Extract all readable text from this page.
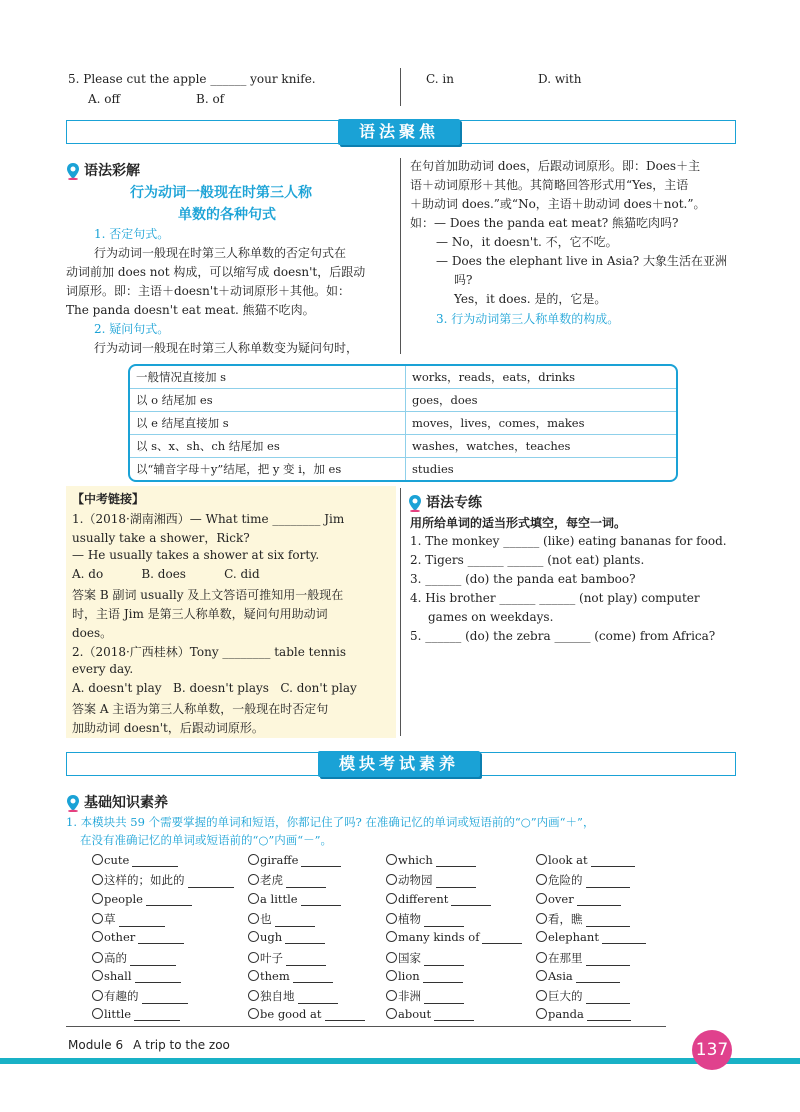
5. Please cut the apple ______ your knife.
A. off	B. of
C. in	D. with
语法聚焦
语法彩解
行为动词一般现在时第三人称
单数的各种句式
1. 否定句式。
行为动词一般现在时第三人称单数的否定句式在
动词前加 does not 构成，可以缩写成 doesn't，后跟动
词原形。即：主语＋doesn't＋动词原形＋其他。如：
The panda doesn't eat meat. 熊猫不吃肉。
2. 疑问句式。
行为动词一般现在时第三人称单数变为疑问句时，
在句首加助动词 does，后跟动词原形。即：Does＋主
语＋动词原形＋其他。其简略回答形式用“Yes，主语
＋助动词 does.”或“No，主语＋助动词 does＋not.”。
如：— Does the panda eat meat? 熊猫吃肉吗?
— No，it doesn't. 不，它不吃。
— Does the elephant live in Asia? 大象生活在亚洲
吗?
Yes，it does. 是的，它是。
3. 行为动词第三人称单数的构成。
一般情况直接加 s	works，reads，eats，drinks
以 o 结尾加 es	goes，does
以 e 结尾直接加 s	moves，lives，comes，makes
以 s、x、sh、ch 结尾加 es	washes，watches，teaches
以“辅音字母＋y”结尾，把 y 变 i，加 es	studies
【中考链接】
1.（2018·湖南湘西）— What time ________ Jim
usually take a shower，Rick?
— He usually takes a shower at six forty.
A. do          B. does          C. did
答案 B 副词 usually 及上文答语可推知用一般现在
时，主语 Jim 是第三人称单数，疑问句用助动词
does。
2.（2018·广西桂林）Tony ________ table tennis
every day.
A. doesn't play   B. doesn't plays   C. don't play
答案 A 主语为第三人称单数，一般现在时否定句
加助动词 doesn't，后跟动词原形。
语法专练
用所给单词的适当形式填空，每空一词。
1. The monkey ______ (like) eating bananas for food.
2. Tigers ______ ______ (not eat) plants.
3. ______ (do) the panda eat bamboo?
4. His brother ______ ______ (not play) computer
games on weekdays.
5. ______ (do) the zebra ______ (come) from Africa?
模块考试素养
基础知识素养
1. 本模块共 59 个需要掌握的单词和短语，你都记住了吗? 在准确记忆的单词或短语前的“○”内画“＋”，
在没有准确记忆的单词或短语前的“○”内画“－”。
cute	giraffe	which	look at
这样的；如此的	老虎	动物园	危险的
people	a little	different	over
草	也	植物	看，瞧
other	ugh	many kinds of	elephant
高的	叶子	国家	在那里
shall	them	lion	Asia
有趣的	独自地	非洲	巨大的
little	be good at	about	panda
Module 6 A trip to the zoo	137
